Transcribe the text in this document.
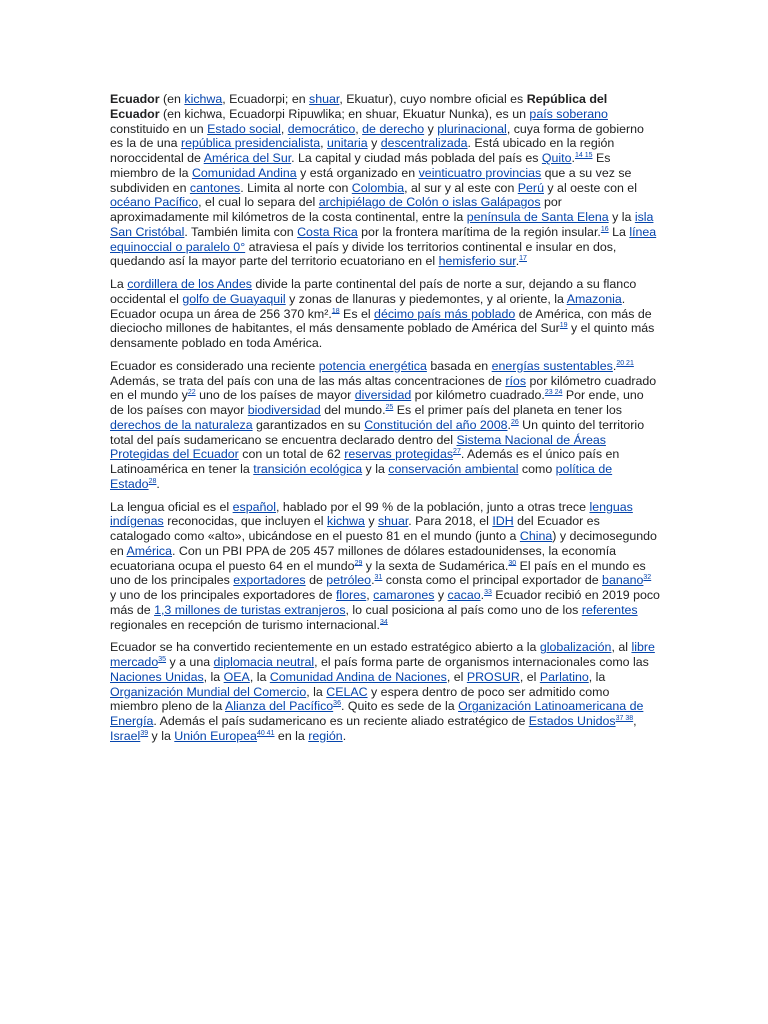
Ecuador (en kichwa, Ecuadorpi; en shuar, Ekuatur), cuyo nombre oficial es República del Ecuador (en kichwa, Ecuadorpi Ripuwlika; en shuar, Ekuatur Nunka), es un país soberano constituido en un Estado social, democrático, de derecho y plurinacional, cuya forma de gobierno es la de una república presidencialista, unitaria y descentralizada. Está ubicado en la región noroccidental de América del Sur. La capital y ciudad más poblada del país es Quito.$^{14 15}$ Es miembro de la Comunidad Andina y está organizado en veinticuatro provincias que a su vez se subdividen en cantones. Limita al norte con Colombia, al sur y al este con Perú y al oeste con el océano Pacífico, el cual lo separa del archipiélago de Colón o islas Galápagos por aproximadamente mil kilómetros de la costa continental, entre la península de Santa Elena y la isla San Cristóbal. También limita con Costa Rica por la frontera marítima de la región insular.$^{16}$ La línea equinoccial o paralelo 0° atraviesa el país y divide los territorios continental e insular en dos, quedando así la mayor parte del territorio ecuatoriano en el hemisferio sur.$^{17}$

La cordillera de los Andes divide la parte continental del país de norte a sur, dejando a su flanco occidental el golfo de Guayaquil y zonas de llanuras y piedemontes, y al oriente, la Amazonia. Ecuador ocupa un área de 256 370 km².$^{18}$ Es el décimo país más poblado de América, con más de dieciocho millones de habitantes, el más densamente poblado de América del Sur$^{19}$ y el quinto más densamente poblado en toda América.

Ecuador es considerado una reciente potencia energética basada en energías sustentables.$^{20 21}$ Además, se trata del país con una de las más altas concentraciones de ríos por kilómetro cuadrado en el mundo y$^{22}$ uno de los países de mayor diversidad por kilómetro cuadrado.$^{23 24}$ Por ende, uno de los países con mayor biodiversidad del mundo.$^{25}$ Es el primer país del planeta en tener los derechos de la naturaleza garantizados en su Constitución del año 2008.26 Un quinto del territorio total del país sudamericano se encuentra declarado dentro del Sistema Nacional de Áreas Protegidas del Ecuador con un total de 62 reservas protegidas$^{27}$. Además es el único país en Latinoamérica en tener la transición ecológica y la conservación ambiental como política de Estado$^{28}$.

La lengua oficial es el español, hablado por el 99 % de la población, junto a otras trece lenguas indígenas reconocidas, que incluyen el kichwa y shuar. Para 2018, el IDH del Ecuador es catalogado como «alto», ubicándose en el puesto 81 en el mundo (junto a China) y decimosegundo en América. Con un PBI PPA de 205 457 millones de dólares estadounidenses, la economía ecuatoriana ocupa el puesto 64 en el mundo$^{29}$ y la sexta de Sudamérica.$^{30}$ El país en el mundo es uno de los principales exportadores de petróleo.$^{31}$ consta como el principal exportador de banano$^{32}$ y uno de los principales exportadores de flores, camarones y cacao.$^{33}$ Ecuador recibió en 2019 poco más de 1,3 millones de turistas extranjeros, lo cual posiciona al país como uno de los referentes regionales en recepción de turismo internacional.$^{34}$

Ecuador se ha convertido recientemente en un estado estratégico abierto a la globalización, al libre mercado$^{35}$ y a una diplomacia neutral, el país forma parte de organismos internacionales como las Naciones Unidas, la OEA, la Comunidad Andina de Naciones, el PROSUR, el Parlatino, la Organización Mundial del Comercio, la CELAC y espera dentro de poco ser admitido como miembro pleno de la Alianza del Pacífico$^{36}$. Quito es sede de la Organización Latinoamericana de Energía. Además el país sudamericano es un reciente aliado estratégico de Estados Unidos$^{37 38}$, Israel$^{39}$ y la Unión Europea$^{40 41}$ en la región.
